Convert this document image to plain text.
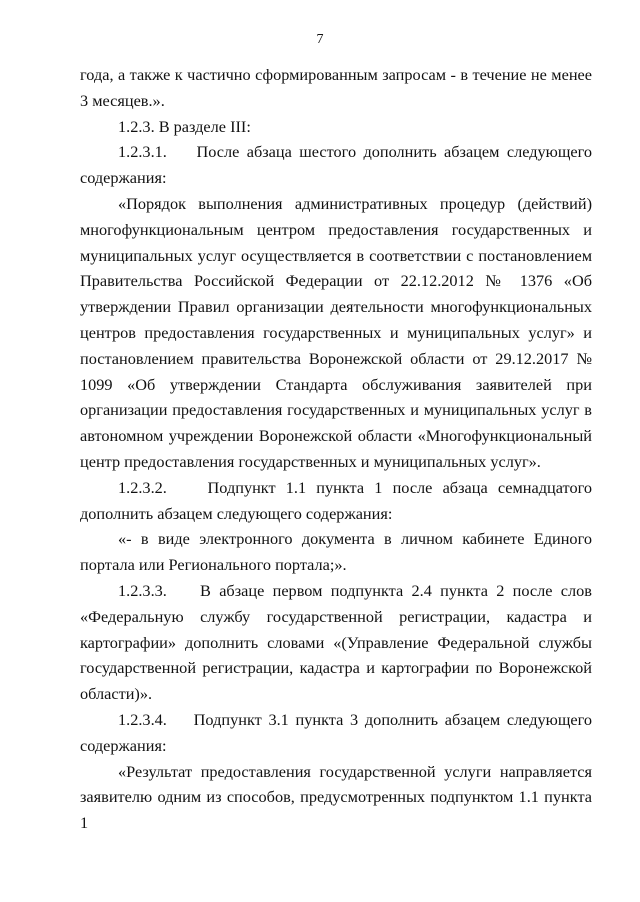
7

года, а также к частично сформированным запросам - в течение не менее 3 месяцев.».

1.2.3. В разделе III:

1.2.3.1.    После абзаца шестого дополнить абзацем следующего содержания:

«Порядок выполнения административных процедур (действий) многофункциональным центром предоставления государственных и муниципальных услуг осуществляется в соответствии с постановлением Правительства Российской Федерации от 22.12.2012 № 1376 «Об утверждении Правил организации деятельности многофункциональных центров предоставления государственных и муниципальных услуг» и постановлением правительства Воронежской области от 29.12.2017 № 1099 «Об утверждении Стандарта обслуживания заявителей при организации предоставления государственных и муниципальных услуг в автономном учреждении Воронежской области «Многофункциональный центр предоставления государственных и муниципальных услуг».

1.2.3.2.    Подпункт 1.1 пункта 1 после абзаца семнадцатого дополнить абзацем следующего содержания:

«- в виде электронного документа в личном кабинете Единого портала или Регионального портала;».

1.2.3.3.    В абзаце первом подпункта 2.4 пункта 2 после слов «Федеральную службу государственной регистрации, кадастра и картографии» дополнить словами «(Управление Федеральной службы государственной регистрации, кадастра и картографии по Воронежской области)».

1.2.3.4.    Подпункт 3.1 пункта 3 дополнить абзацем следующего содержания:

«Результат предоставления государственной услуги направляется заявителю одним из способов, предусмотренных подпунктом 1.1 пункта 1
